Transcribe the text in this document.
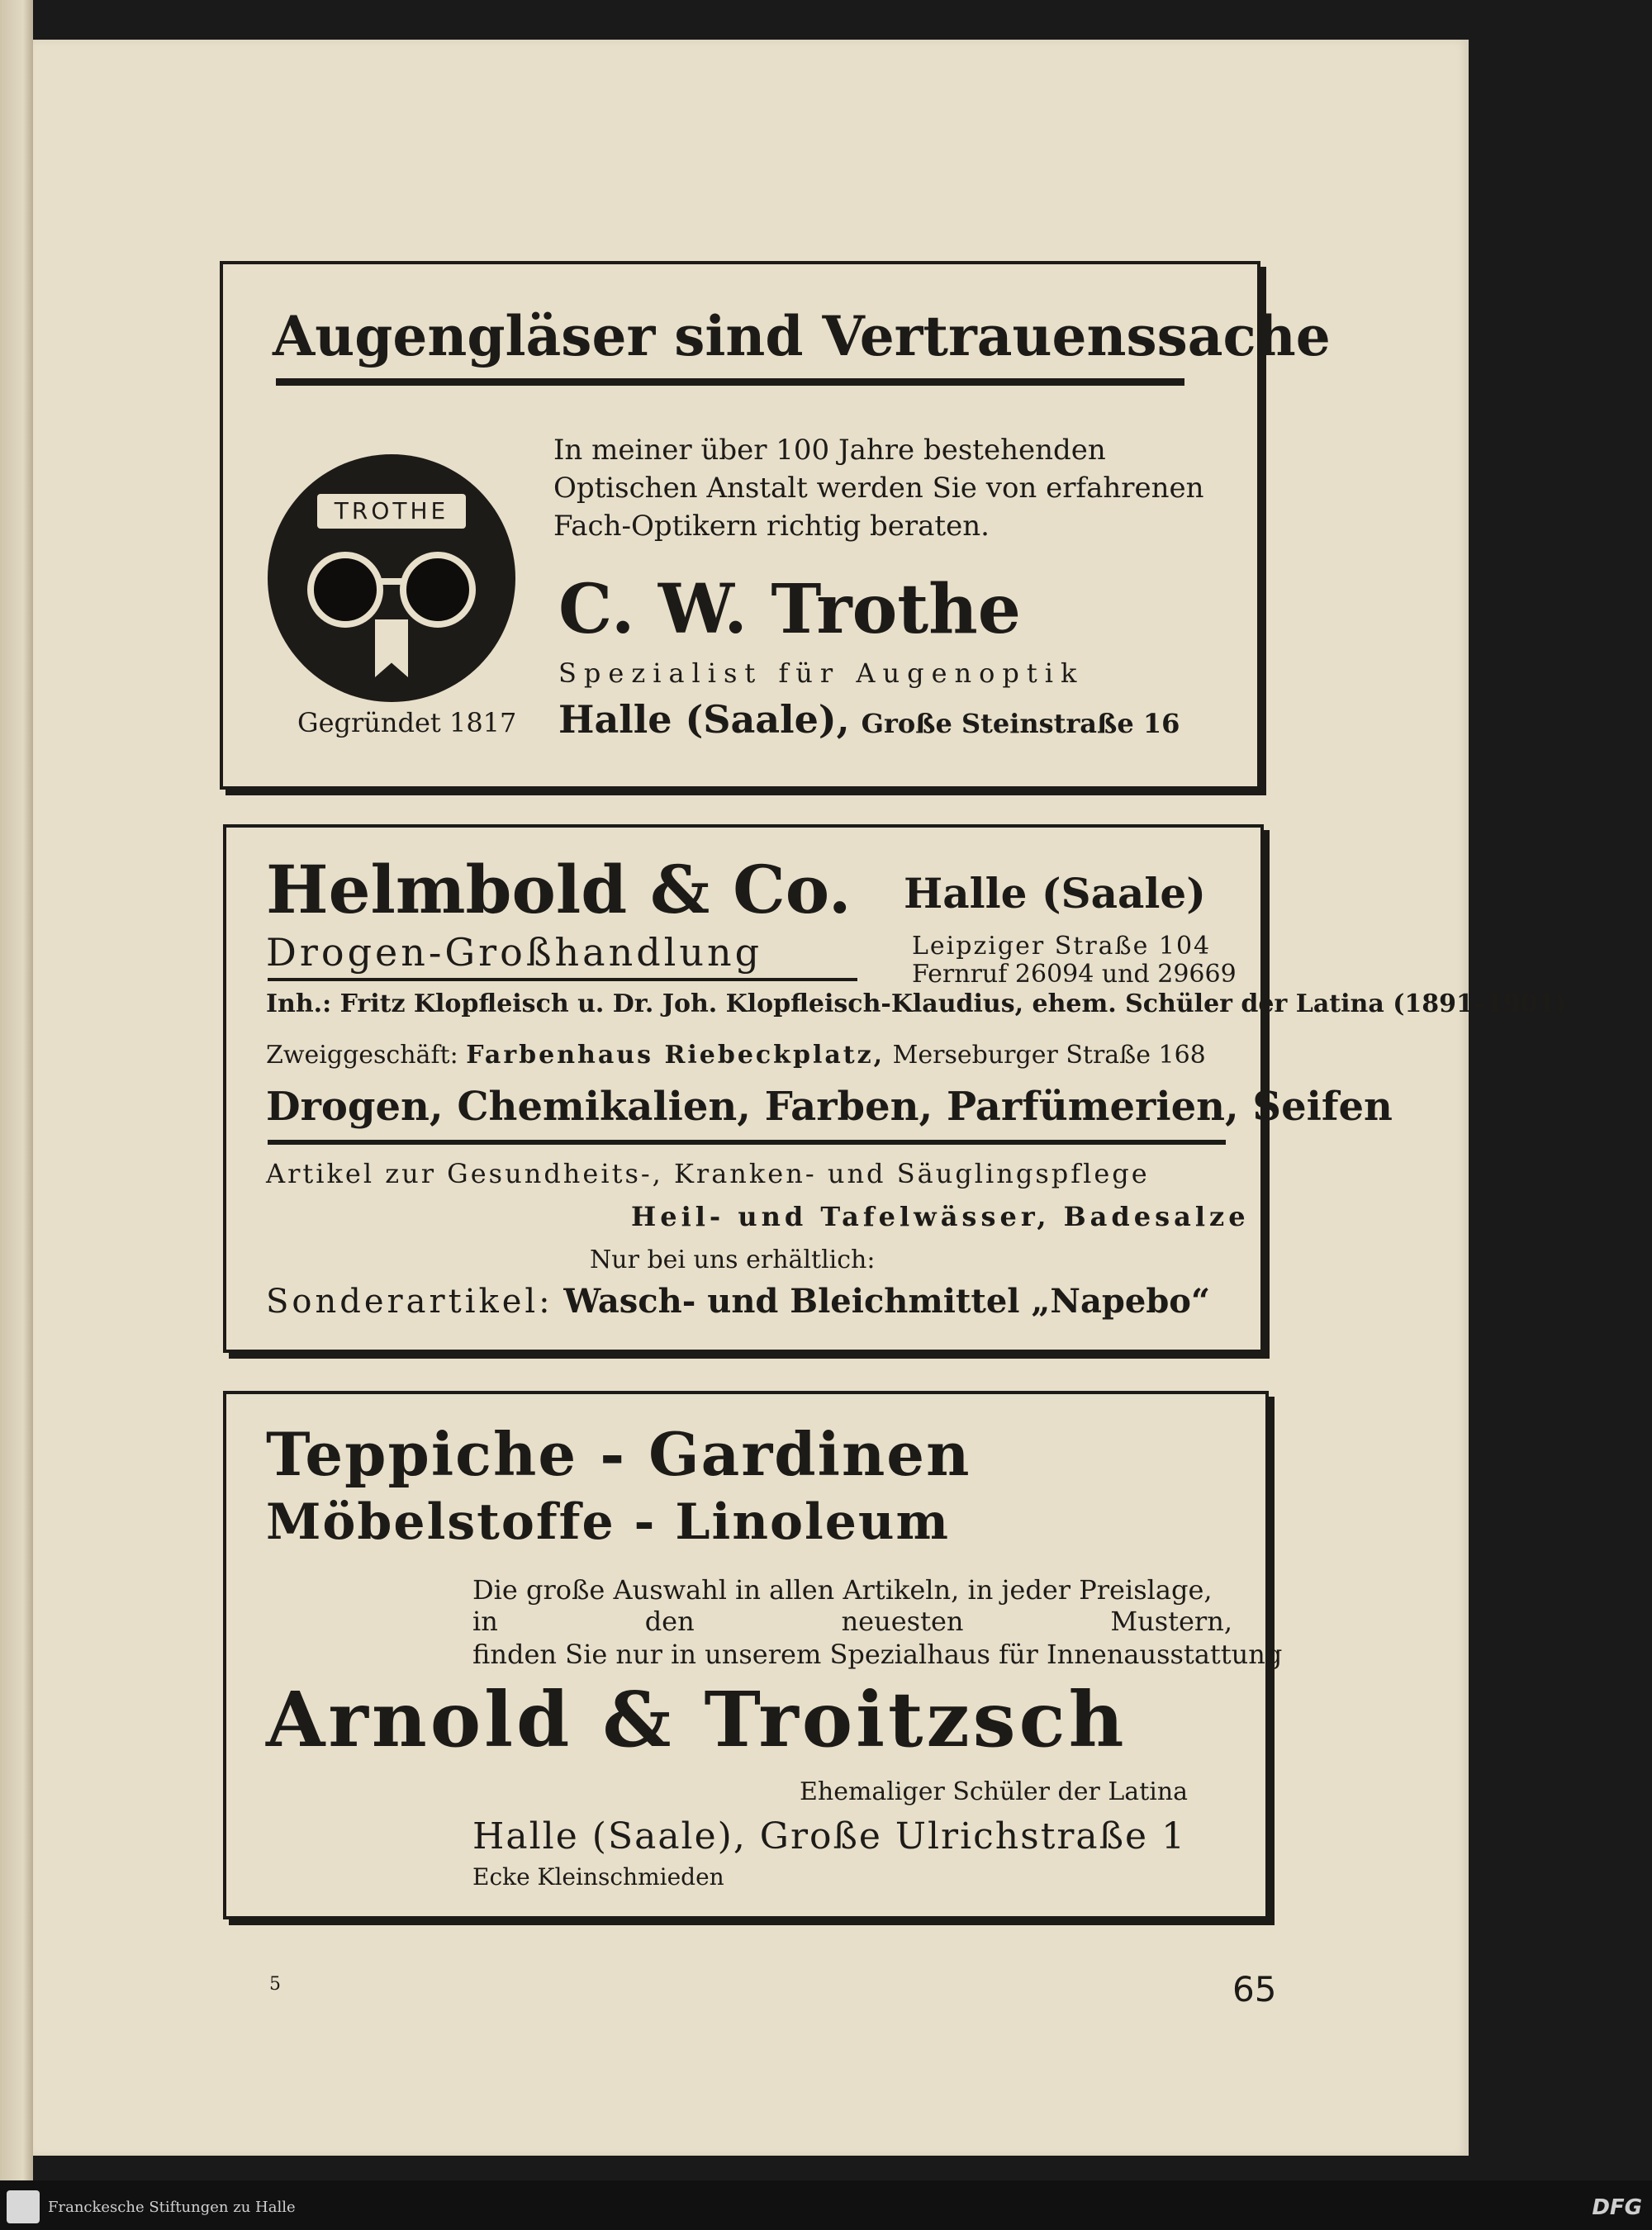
Augengläser sind Vertrauenssache
TROTHE
Gegründet 1817
In meiner über 100 Jahre bestehenden Optischen Anstalt werden Sie von erfahrenen Fach-Optikern richtig beraten.
C. W. Trothe
Spezialist für Augenoptik
Halle (Saale), Große Steinstraße 16
Helmbold & Co. Halle (Saale)
Drogen-Großhandlung	Leipziger Straße 104
Fernruf 26094 und 29669
Inh.: Fritz Klopfleisch u. Dr. Joh. Klopfleisch-Klaudius, ehem. Schüler der Latina (1891–1901)
Zweiggeschäft: Farbenhaus Riebeckplatz, Merseburger Straße 168
Drogen, Chemikalien, Farben, Parfümerien, Seifen
Artikel zur Gesundheits-, Kranken- und Säuglingspflege
Heil- und Tafelwässer, Badesalze
Nur bei uns erhältlich:
Sonderartikel: Wasch- und Bleichmittel „Napebo“
Teppiche - Gardinen
Möbelstoffe - Linoleum
Die große Auswahl in allen Artikeln, in jeder Preislage,
in	den	neuesten	Mustern,
finden Sie nur in unserem Spezialhaus für Innenausstattung
Arnold & Troitzsch
Ehemaliger Schüler der Latina
Halle (Saale), Große Ulrichstraße 1
Ecke Kleinschmieden
5	65
Franckesche Stiftungen zu Halle	DFG
